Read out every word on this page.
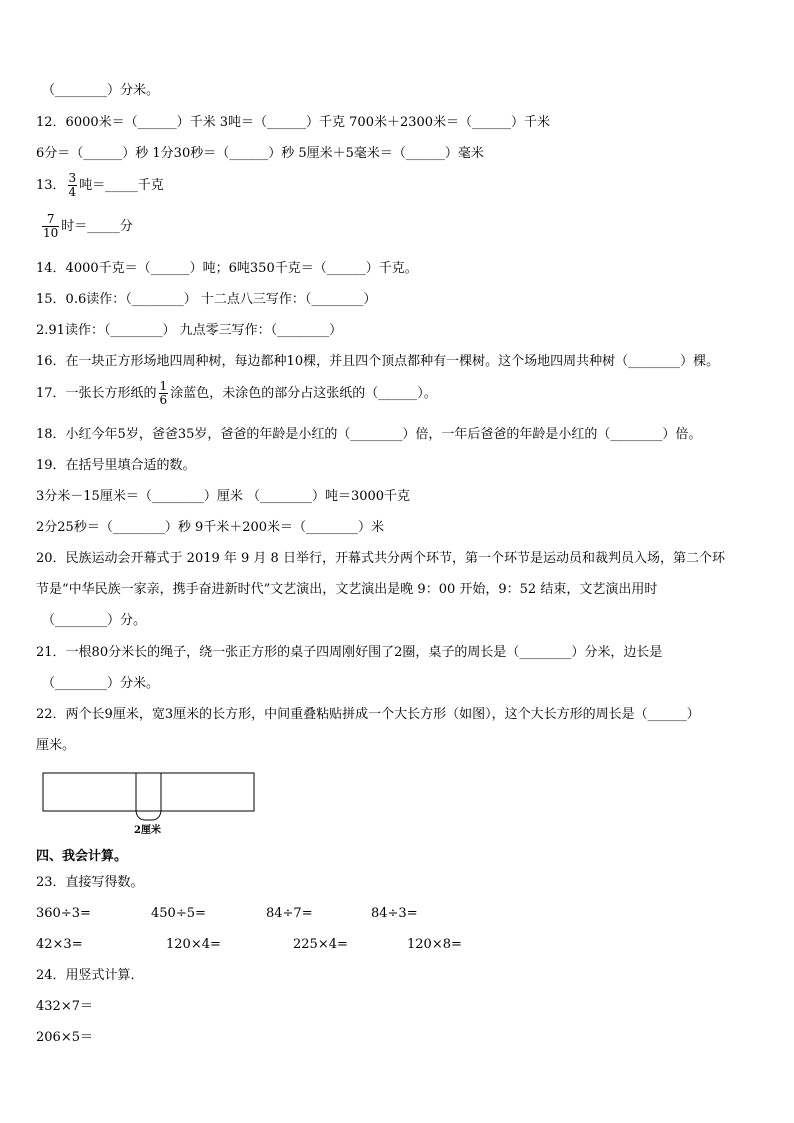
（________）分米。
12．6000米＝（______）千米 3吨＝（______）千克 700米＋2300米＝（______）千米
6分＝（______）秒 1分30秒＝（______）秒 5厘米＋5毫米＝（______）毫米
13． $\frac{3}{4}$ 吨＝_____千克
$\frac{7}{10}$ 时＝_____分
14．4000千克＝（______）吨；6吨350千克＝（______）千克。
15．0.6读作：（________） 十二点八三写作：（________）
2.91读作：（________） 九点零三写作：（________）
16．在一块正方形场地四周种树，每边都种10棵，并且四个顶点都种有一棵树。这个场地四周共种树（________）棵。
17．一张长方形纸的 $\frac{1}{6}$ 涂蓝色，未涂色的部分占这张纸的（______）。
18．小红今年5岁，爸爸35岁，爸爸的年龄是小红的（________）倍，一年后爸爸的年龄是小红的（________）倍。
19．在括号里填合适的数。
3分米－15厘米＝（________）厘米 （________）吨＝3000千克
2分25秒＝（________）秒 9千米＋200米＝（________）米
20．民族运动会开幕式于 2019 年 9 月 8 日举行，开幕式共分两个环节，第一个环节是运动员和裁判员入场，第二个环
节是“中华民族一家亲，携手奋进新时代”文艺演出，文艺演出是晚 9：00 开始，9：52 结束，文艺演出用时
（________）分。
21．一根80分米长的绳子，绕一张正方形的桌子四周刚好围了2圈，桌子的周长是（________）分米，边长是
（________）分米。
22．两个长9厘米，宽3厘米的长方形，中间重叠粘贴拼成一个大长方形（如图），这个大长方形的周长是（______）
厘米。
2厘米
四、我会计算。
23．直接写得数。
360÷3=	450÷5=	84÷7=	84÷3=
42×3=	120×4=	225×4=	120×8=
24．用竖式计算．
432×7＝
206×5＝
